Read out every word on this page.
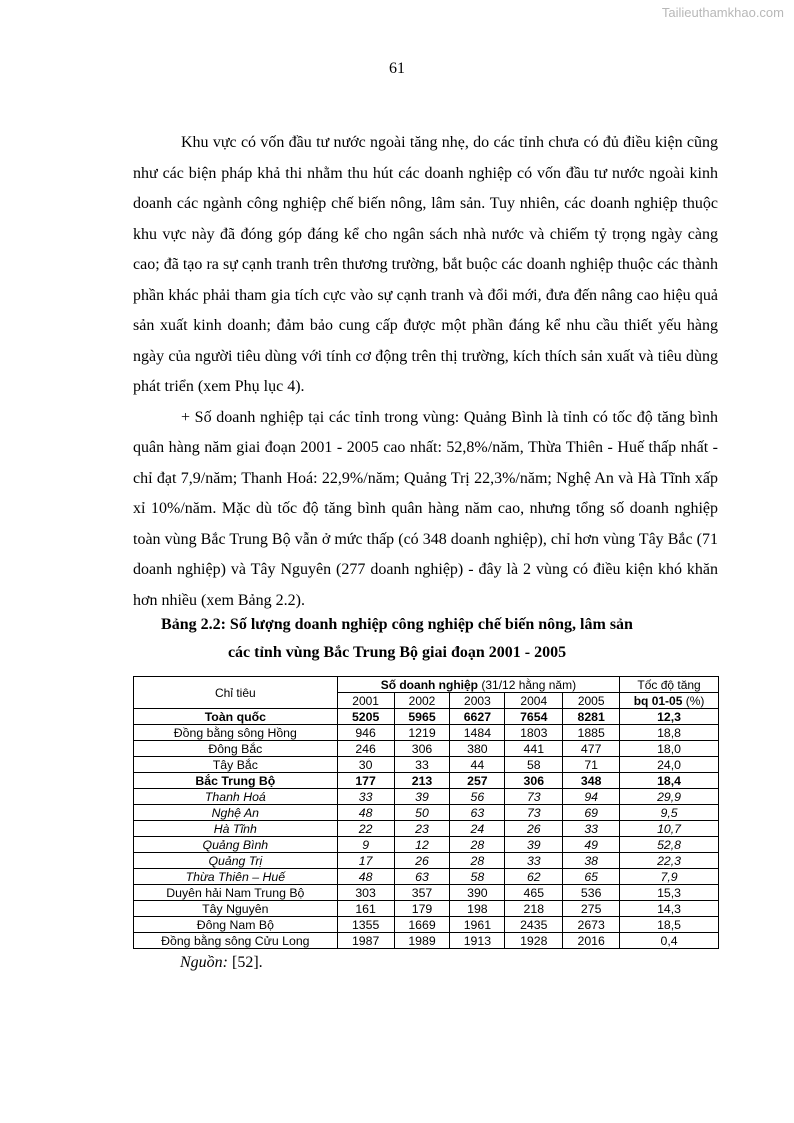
Tailieuthamkhao.com
61

Khu vực có vốn đầu tư nước ngoài tăng nhẹ, do các tỉnh chưa có đủ điều kiện cũng như các biện pháp khả thi nhằm thu hút các doanh nghiệp có vốn đầu tư nước ngoài kinh doanh các ngành công nghiệp chế biến nông, lâm sản. Tuy nhiên, các doanh nghiệp thuộc khu vực này đã đóng góp đáng kể cho ngân sách nhà nước và chiếm tỷ trọng ngày càng cao; đã tạo ra sự cạnh tranh trên thương trường, bắt buộc các doanh nghiệp thuộc các thành phần khác phải tham gia tích cực vào sự cạnh tranh và đổi mới, đưa đến nâng cao hiệu quả sản xuất kinh doanh; đảm bảo cung cấp được một phần đáng kể nhu cầu thiết yếu hàng ngày của người tiêu dùng với tính cơ động trên thị trường, kích thích sản xuất và tiêu dùng phát triển (xem Phụ lục 4).

+ Số doanh nghiệp tại các tỉnh trong vùng: Quảng Bình là tỉnh có tốc độ tăng bình quân hàng năm giai đoạn 2001 - 2005 cao nhất: 52,8%/năm, Thừa Thiên - Huế thấp nhất - chỉ đạt 7,9/năm; Thanh Hoá: 22,9%/năm; Quảng Trị 22,3%/năm; Nghệ An và Hà Tĩnh xấp xỉ 10%/năm. Mặc dù tốc độ tăng bình quân hàng năm cao, nhưng tổng số doanh nghiệp toàn vùng Bắc Trung Bộ vẫn ở mức thấp (có 348 doanh nghiệp), chỉ hơn vùng Tây Bắc (71 doanh nghiệp) và Tây Nguyên (277 doanh nghiệp) - đây là 2 vùng có điều kiện khó khăn hơn nhiều (xem Bảng 2.2).

Bảng 2.2: Số lượng doanh nghiệp công nghiệp chế biến nông, lâm sản
các tỉnh vùng Bắc Trung Bộ giai đoạn 2001 - 2005
Chỉ tiêu	Số doanh nghiệp (31/12 hằng năm)					Tốc độ tăng
	2001	2002	2003	2004	2005	bq 01-05 (%)
Toàn quốc	5205	5965	6627	7654	8281	12,3
Đồng bằng sông Hồng	946	1219	1484	1803	1885	18,8
Đông Bắc	246	306	380	441	477	18,0
Tây Bắc	30	33	44	58	71	24,0
Bắc Trung Bộ	177	213	257	306	348	18,4
Thanh Hoá	33	39	56	73	94	29,9
Nghệ An	48	50	63	73	69	9,5
Hà Tĩnh	22	23	24	26	33	10,7
Quảng Bình	9	12	28	39	49	52,8
Quảng Trị	17	26	28	33	38	22,3
Thừa Thiên – Huế	48	63	58	62	65	7,9
Duyên hải Nam Trung Bộ	303	357	390	465	536	15,3
Tây Nguyên	161	179	198	218	275	14,3
Đông Nam Bộ	1355	1669	1961	2435	2673	18,5
Đồng bằng sông Cửu Long	1987	1989	1913	1928	2016	0,4
Nguồn: [52].
